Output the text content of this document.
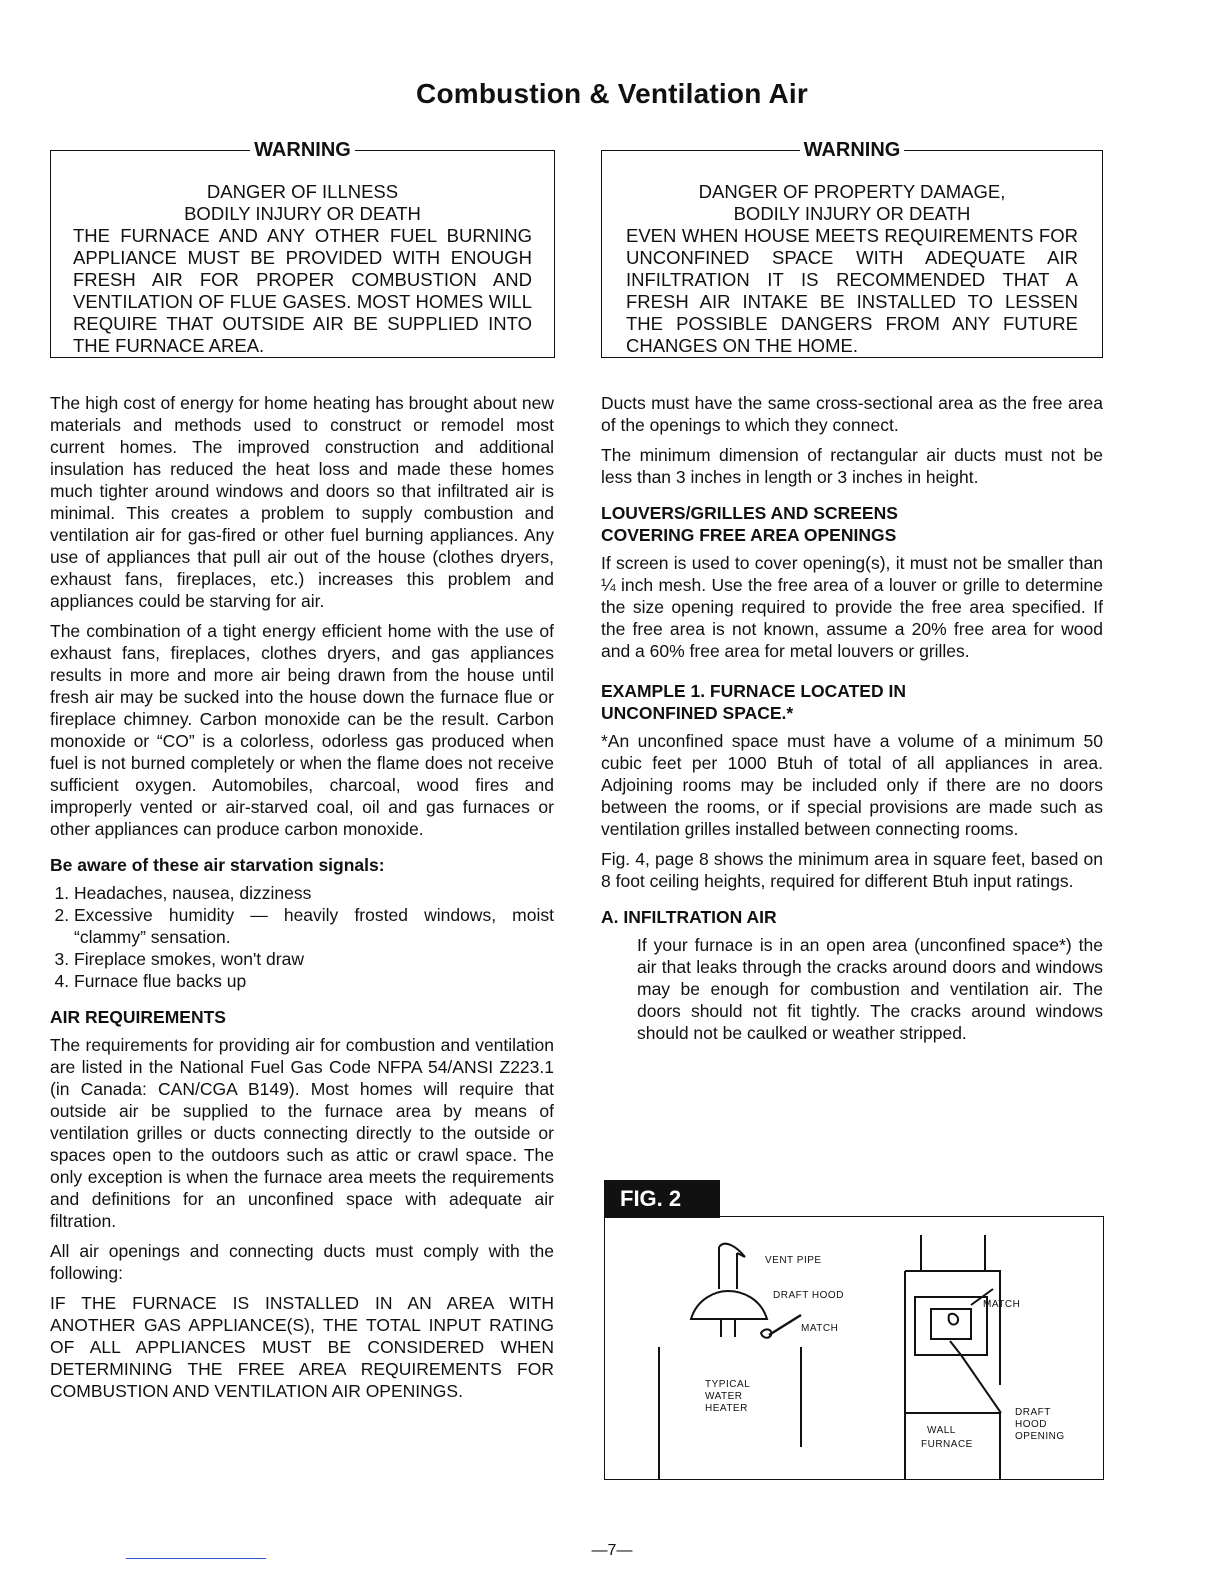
Combustion & Ventilation Air
WARNING
DANGER OF ILLNESS
BODILY INJURY OR DEATH
THE FURNACE AND ANY OTHER FUEL BURNING APPLIANCE MUST BE PROVIDED WITH ENOUGH FRESH AIR FOR PROPER COMBUSTION AND VENTILATION OF FLUE GASES. MOST HOMES WILL REQUIRE THAT OUTSIDE AIR BE SUPPLIED INTO THE FURNACE AREA.
WARNING
DANGER OF PROPERTY DAMAGE,
BODILY INJURY OR DEATH
EVEN WHEN HOUSE MEETS REQUIREMENTS FOR UNCONFINED SPACE WITH ADEQUATE AIR INFILTRATION IT IS RECOMMENDED THAT A FRESH AIR INTAKE BE INSTALLED TO LESSEN THE POSSIBLE DANGERS FROM ANY FUTURE CHANGES ON THE HOME.

The high cost of energy for home heating has brought about new materials and methods used to construct or remodel most current homes. The improved construction and additional insulation has reduced the heat loss and made these homes much tighter around windows and doors so that infiltrated air is minimal. This creates a problem to supply combustion and ventilation air for gas-fired or other fuel burning appliances. Any use of appliances that pull air out of the house (clothes dryers, exhaust fans, fireplaces, etc.) increases this problem and appliances could be starving for air.

The combination of a tight energy efficient home with the use of exhaust fans, fireplaces, clothes dryers, and gas appliances results in more and more air being drawn from the house until fresh air may be sucked into the house down the furnace flue or fireplace chimney. Carbon monoxide can be the result. Carbon monoxide or “CO” is a colorless, odorless gas produced when fuel is not burned completely or when the flame does not receive sufficient oxygen. Automobiles, charcoal, wood fires and improperly vented or air-starved coal, oil and gas furnaces or other appliances can produce carbon monoxide.

Be aware of these air starvation signals:
1. Headaches, nausea, dizziness
2. Excessive humidity — heavily frosted windows, moist “clammy” sensation.
3. Fireplace smokes, won't draw
4. Furnace flue backs up
AIR REQUIREMENTS

The requirements for providing air for combustion and ventilation are listed in the National Fuel Gas Code NFPA 54/ANSI Z223.1 (in Canada: CAN/CGA B149). Most homes will require that outside air be supplied to the furnace area by means of ventilation grilles or ducts connecting directly to the outside or spaces open to the outdoors such as attic or crawl space. The only exception is when the furnace area meets the requirements and definitions for an unconfined space with adequate air filtration.

All air openings and connecting ducts must comply with the following:

IF THE FURNACE IS INSTALLED IN AN AREA WITH ANOTHER GAS APPLIANCE(S), THE TOTAL INPUT RATING OF ALL APPLIANCES MUST BE CONSIDERED WHEN DETERMINING THE FREE AREA REQUIREMENTS FOR COMBUSTION AND VENTILATION AIR OPENINGS.

Ducts must have the same cross-sectional area as the free area of the openings to which they connect.

The minimum dimension of rectangular air ducts must not be less than 3 inches in length or 3 inches in height.

LOUVERS/GRILLES AND SCREENS
COVERING FREE AREA OPENINGS

If screen is used to cover opening(s), it must not be smaller than ¼ inch mesh. Use the free area of a louver or grille to determine the size opening required to provide the free area specified. If the free area is not known, assume a 20% free area for wood and a 60% free area for metal louvers or grilles.

EXAMPLE 1. FURNACE LOCATED IN
UNCONFINED SPACE.*

*An unconfined space must have a volume of a minimum 50 cubic feet per 1000 Btuh of total of all appliances in area. Adjoining rooms may be included only if there are no doors between the rooms, or if special provisions are made such as ventilation grilles installed between connecting rooms.

Fig. 4, page 8 shows the minimum area in square feet, based on 8 foot ceiling heights, required for different Btuh input ratings.

A. INFILTRATION AIR

If your furnace is in an open area (unconfined space*) the air that leaks through the cracks around doors and windows may be enough for combustion and ventilation air. The doors should not fit tightly. The cracks around windows should not be caulked or weather stripped.

FIG. 2
VENT PIPE
DRAFT HOOD
MATCH
TYPICAL
WATER
HEATER
MATCH
WALL
FURNACE
DRAFT
HOOD
OPENING
—7—
